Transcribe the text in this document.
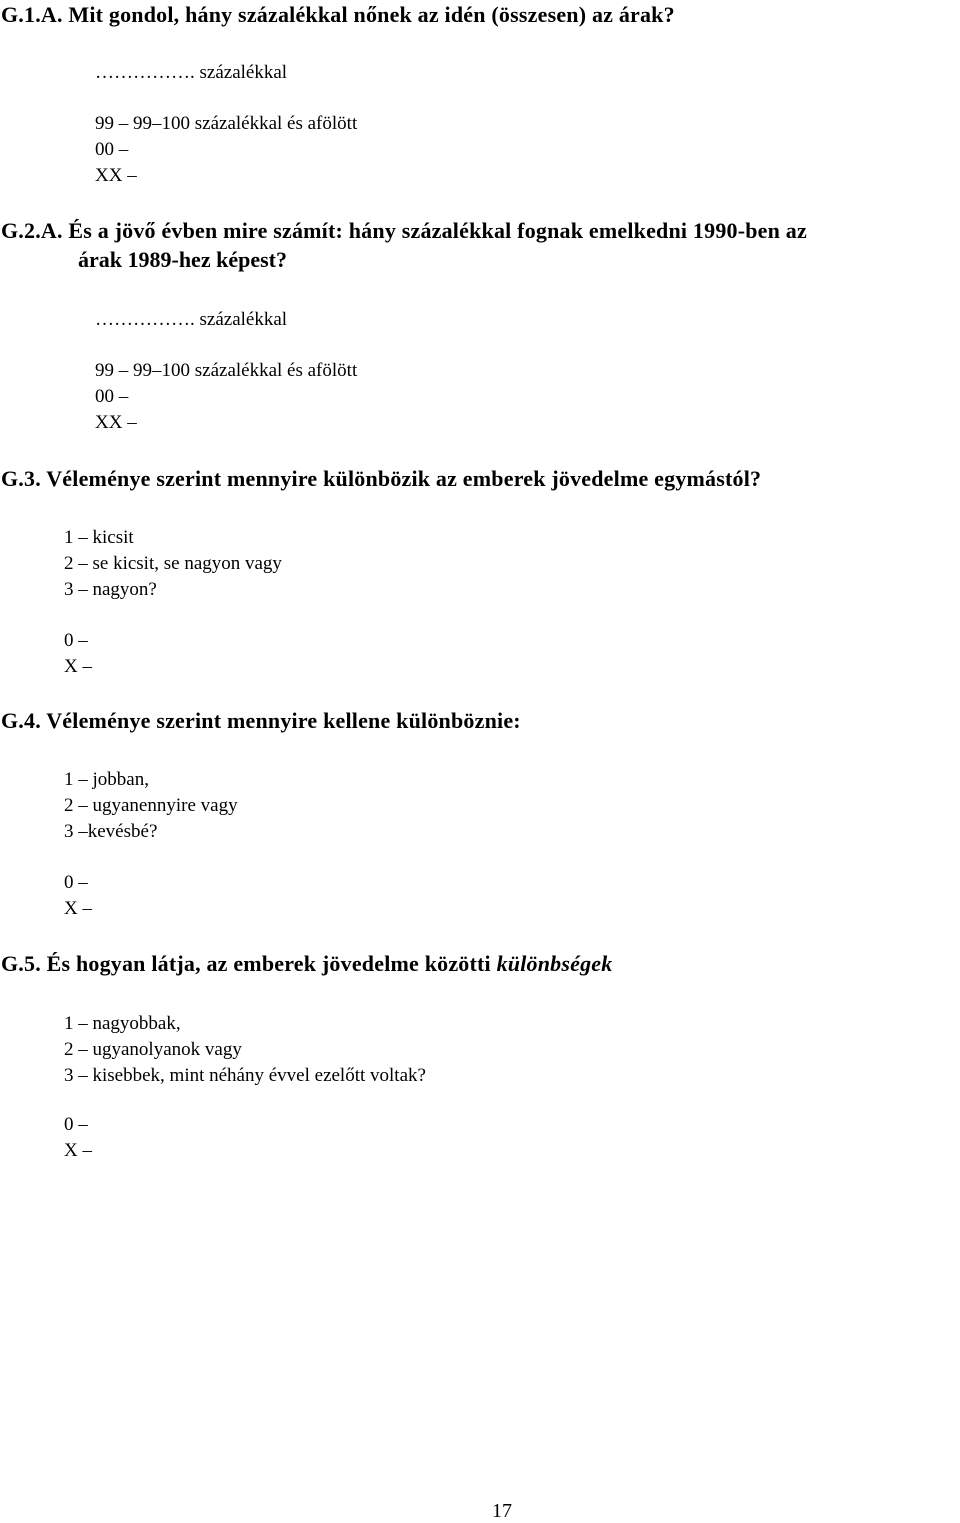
G.1.A. Mit gondol, hány százalékkal nőnek az idén (összesen) az árak?
……………. százalékkal
99 – 99–100 százalékkal és afölött
00 –
XX –
G.2.A. És a jövő évben mire számít: hány százalékkal fognak emelkedni 1990-ben az
árak 1989-hez képest?
……………. százalékkal
99 – 99–100 százalékkal és afölött
00 –
XX –
G.3. Véleménye szerint mennyire különbözik az emberek jövedelme egymástól?
1 – kicsit
2 – se kicsit, se nagyon vagy
3 – nagyon?
0 –
X –
G.4. Véleménye szerint mennyire kellene különböznie:
1 – jobban,
2 – ugyanennyire vagy
3 –kevésbé?
0 –
X –
G.5. És hogyan látja, az emberek jövedelme közötti különbségek
1 – nagyobbak,
2 – ugyanolyanok vagy
3 – kisebbek, mint néhány évvel ezelőtt voltak?
0 –
X –
17
